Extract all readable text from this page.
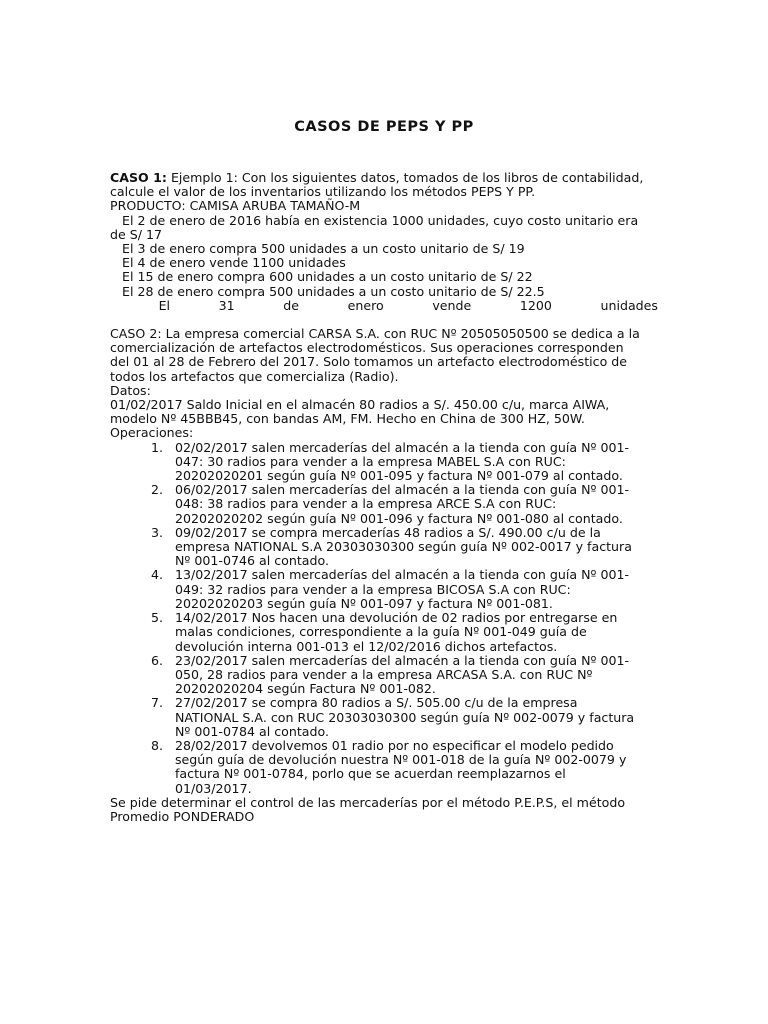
CASOS DE PEPS Y PP
CASO 1: Ejemplo 1: Con los siguientes datos, tomados de los libros de contabilidad,
calcule el valor de los inventarios utilizando los métodos PEPS Y PP.
PRODUCTO: CAMISA ARUBA TAMAÑO-M
El 2 de enero de 2016 había en existencia 1000 unidades, cuyo costo unitario era
de S/ 17
El 3 de enero compra 500 unidades a un costo unitario de S/ 19
El 4 de enero vende 1100 unidades
El 15 de enero compra 600 unidades a un costo unitario de S/ 22
El 28 de enero compra 500 unidades a un costo unitario de S/ 22.5
El	31	de	enero	vende	1200	unidades
CASO 2: La empresa comercial CARSA S.A. con RUC Nº 20505050500 se dedica a la
comercialización de artefactos electrodomésticos. Sus operaciones corresponden
del 01 al 28 de Febrero del 2017. Solo tomamos un artefacto electrodoméstico de
todos los artefactos que comercializa (Radio).
Datos:
01/02/2017 Saldo Inicial en el almacén 80 radios a S/. 450.00 c/u, marca AIWA,
modelo Nº 45BBB45, con bandas AM, FM. Hecho en China de 300 HZ, 50W.
Operaciones:
1. 02/02/2017 salen mercaderías del almacén a la tienda con guía Nº 001-
047: 30 radios para vender a la empresa MABEL S.A con RUC:
20202020201 según guía Nº 001-095 y factura Nº 001-079 al contado.
2. 06/02/2017 salen mercaderías del almacén a la tienda con guía Nº 001-
048: 38 radios para vender a la empresa ARCE S.A con RUC:
20202020202 según guía Nº 001-096 y factura Nº 001-080 al contado.
3. 09/02/2017 se compra mercaderías 48 radios a S/. 490.00 c/u de la
empresa NATIONAL S.A 20303030300 según guía Nº 002-0017 y factura
Nº 001-0746 al contado.
4. 13/02/2017 salen mercaderías del almacén a la tienda con guía Nº 001-
049: 32 radios para vender a la empresa BICOSA S.A con RUC:
20202020203 según guía Nº 001-097 y factura Nº 001-081.
5. 14/02/2017 Nos hacen una devolución de 02 radios por entregarse en
malas condiciones, correspondiente a la guía Nº 001-049 guía de
devolución interna 001-013 el 12/02/2016 dichos artefactos.
6. 23/02/2017 salen mercaderías del almacén a la tienda con guía Nº 001-
050, 28 radios para vender a la empresa ARCASA S.A. con RUC Nº
20202020204 según Factura Nº 001-082.
7. 27/02/2017 se compra 80 radios a S/. 505.00 c/u de la empresa
NATIONAL S.A. con RUC 20303030300 según guía Nº 002-0079 y factura
Nº 001-0784 al contado.
8. 28/02/2017 devolvemos 01 radio por no especificar el modelo pedido
según guía de devolución nuestra Nº 001-018 de la guía Nº 002-0079 y
factura Nº 001-0784, porlo que se acuerdan reemplazarnos el
01/03/2017.
Se pide determinar el control de las mercaderías por el método P.E.P.S, el método
Promedio PONDERADO
